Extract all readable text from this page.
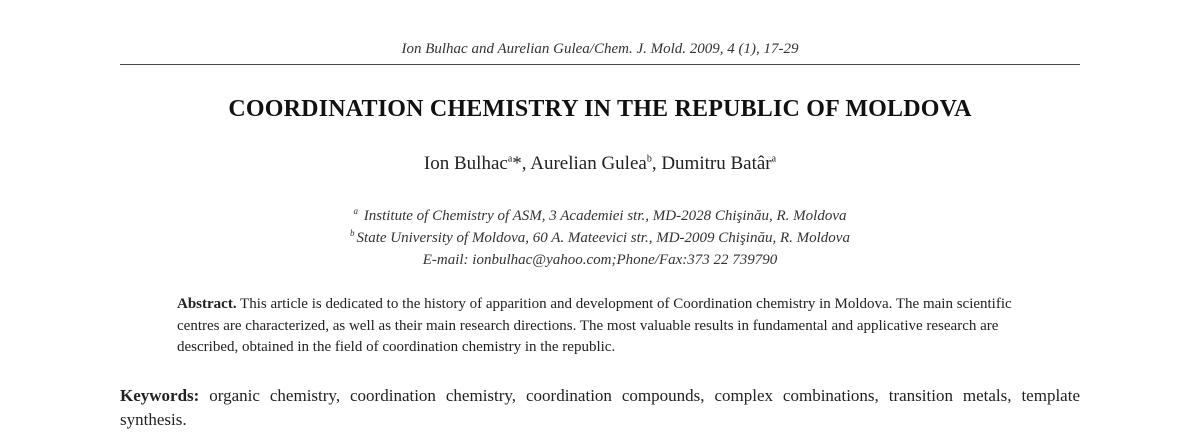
Ion Bulhac and Aurelian Gulea/Chem. J. Mold. 2009, 4 (1), 17-29
COORDINATION CHEMISTRY IN THE REPUBLIC OF MOLDOVA
Ion Bulhac$^a$*, Aurelian Gulea$^b$, Dumitru Batâr$^a$
$^a$ Institute of Chemistry of ASM, 3 Academiei str., MD-2028 Chişinău, R. Moldova
$^b$ State University of Moldova, 60 A. Mateevici str., MD-2009 Chişinău, R. Moldova
E-mail: ionbulhac@yahoo.com;Phone/Fax:373 22 739790
Abstract. This article is dedicated to the history of apparition and development of Coordination chemistry in Moldova. The main scientific centres are characterized, as well as their main research directions. The most valuable results in fundamental and applicative research are described, obtained in the field of coordination chemistry in the republic.
Keywords: organic chemistry, coordination chemistry, coordination compounds, complex combinations, transition metals, template synthesis.
